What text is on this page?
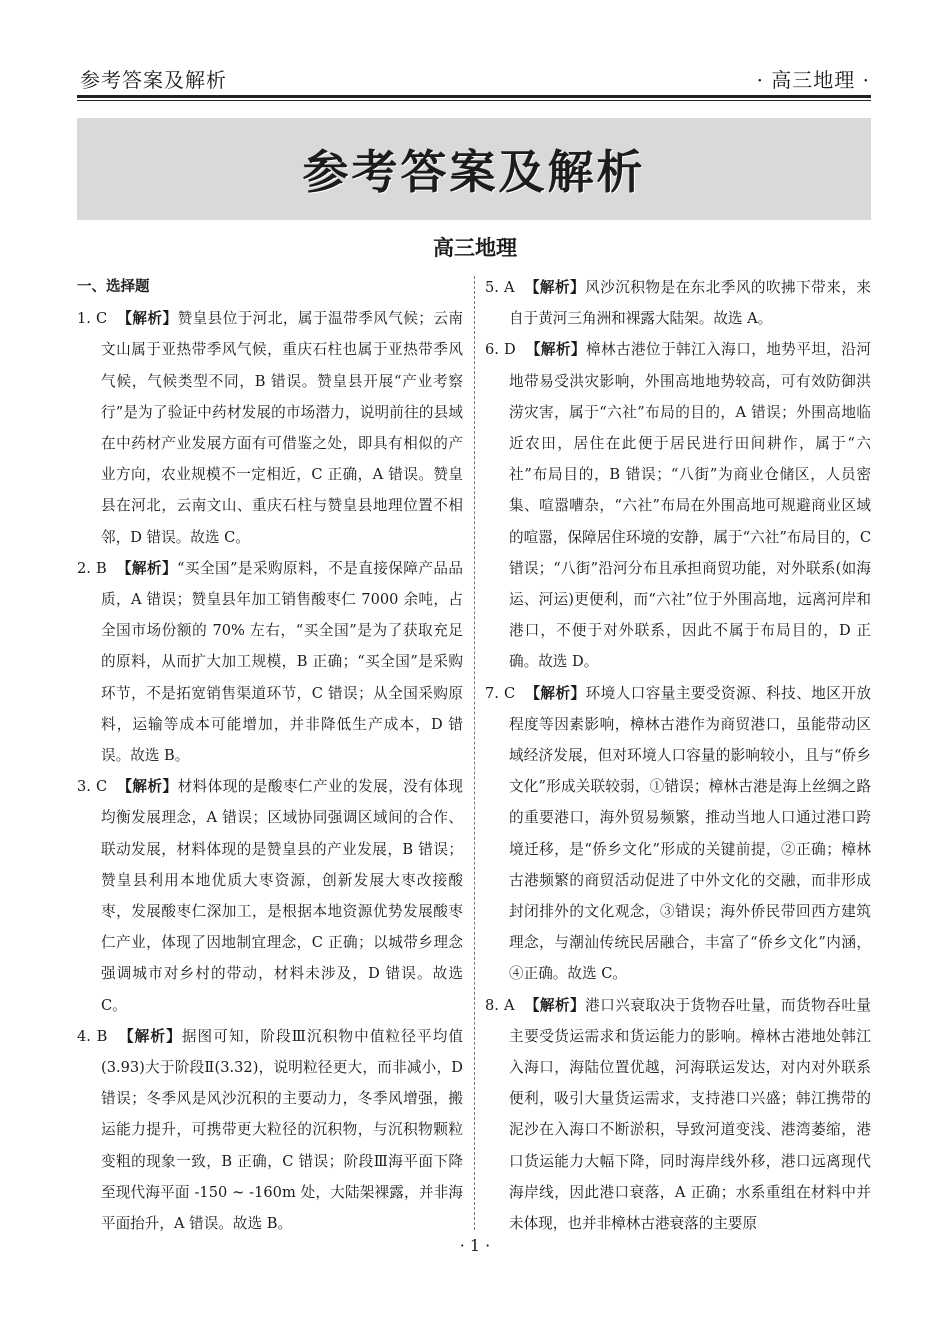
参考答案及解析	· 高三地理 ·
参考答案及解析
高三地理
一、选择题

1. C 【解析】赞皇县位于河北，属于温带季风气候；云南文山属于亚热带季风气候，重庆石柱也属于亚热带季风气候，气候类型不同，B 错误。赞皇县开展“产业考察行”是为了验证中药材发展的市场潜力，说明前往的县域在中药材产业发展方面有可借鉴之处，即具有相似的产业方向，农业规模不一定相近，C 正确，A 错误。赞皇县在河北，云南文山、重庆石柱与赞皇县地理位置不相邻，D 错误。故选 C。

2. B 【解析】“买全国”是采购原料，不是直接保障产品品质，A 错误；赞皇县年加工销售酸枣仁 7000 余吨，占全国市场份额的 70% 左右，“买全国”是为了获取充足的原料，从而扩大加工规模，B 正确；“买全国”是采购环节，不是拓宽销售渠道环节，C 错误；从全国采购原料，运输等成本可能增加，并非降低生产成本，D 错误。故选 B。

3. C 【解析】材料体现的是酸枣仁产业的发展，没有体现均衡发展理念，A 错误；区域协同强调区域间的合作、联动发展，材料体现的是赞皇县的产业发展，B 错误；赞皇县利用本地优质大枣资源，创新发展大枣改接酸枣，发展酸枣仁深加工，是根据本地资源优势发展酸枣仁产业，体现了因地制宜理念，C 正确；以城带乡理念强调城市对乡村的带动，材料未涉及，D 错误。故选 C。

4. B 【解析】据图可知，阶段Ⅲ沉积物中值粒径平均值(3.93)大于阶段Ⅱ(3.32)，说明粒径更大，而非减小，D 错误；冬季风是风沙沉积的主要动力，冬季风增强，搬运能力提升，可携带更大粒径的沉积物，与沉积物颗粒变粗的现象一致，B 正确，C 错误；阶段Ⅲ海平面下降至现代海平面 -150 ~ -160m 处，大陆架裸露，并非海平面抬升，A 错误。故选 B。

5. A 【解析】风沙沉积物是在东北季风的吹拂下带来，来自于黄河三角洲和裸露大陆架。故选 A。

6. D 【解析】樟林古港位于韩江入海口，地势平坦，沿河地带易受洪灾影响，外围高地地势较高，可有效防御洪涝灾害，属于“六社”布局的目的，A 错误；外围高地临近农田，居住在此便于居民进行田间耕作，属于“六社”布局目的，B 错误；“八街”为商业仓储区，人员密集、喧嚣嘈杂，“六社”布局在外围高地可规避商业区域的喧嚣，保障居住环境的安静，属于“六社”布局目的，C 错误；“八街”沿河分布且承担商贸功能，对外联系(如海运、河运)更便利，而“六社”位于外围高地，远离河岸和港口，不便于对外联系，因此不属于布局目的，D 正确。故选 D。

7. C 【解析】环境人口容量主要受资源、科技、地区开放程度等因素影响，樟林古港作为商贸港口，虽能带动区域经济发展，但对环境人口容量的影响较小，且与“侨乡文化”形成关联较弱，①错误；樟林古港是海上丝绸之路的重要港口，海外贸易频繁，推动当地人口通过港口跨境迁移，是“侨乡文化”形成的关键前提，②正确；樟林古港频繁的商贸活动促进了中外文化的交融，而非形成封闭排外的文化观念，③错误；海外侨民带回西方建筑理念，与潮汕传统民居融合，丰富了“侨乡文化”内涵，④正确。故选 C。

8. A 【解析】港口兴衰取决于货物吞吐量，而货物吞吐量主要受货运需求和货运能力的影响。樟林古港地处韩江入海口，海陆位置优越，河海联运发达，对内对外联系便利，吸引大量货运需求，支持港口兴盛；韩江携带的泥沙在入海口不断淤积，导致河道变浅、港湾萎缩，港口货运能力大幅下降，同时海岸线外移，港口远离现代海岸线，因此港口衰落，A 正确；水系重组在材料中并未体现，也并非樟林古港衰落的主要原

· 1 ·
